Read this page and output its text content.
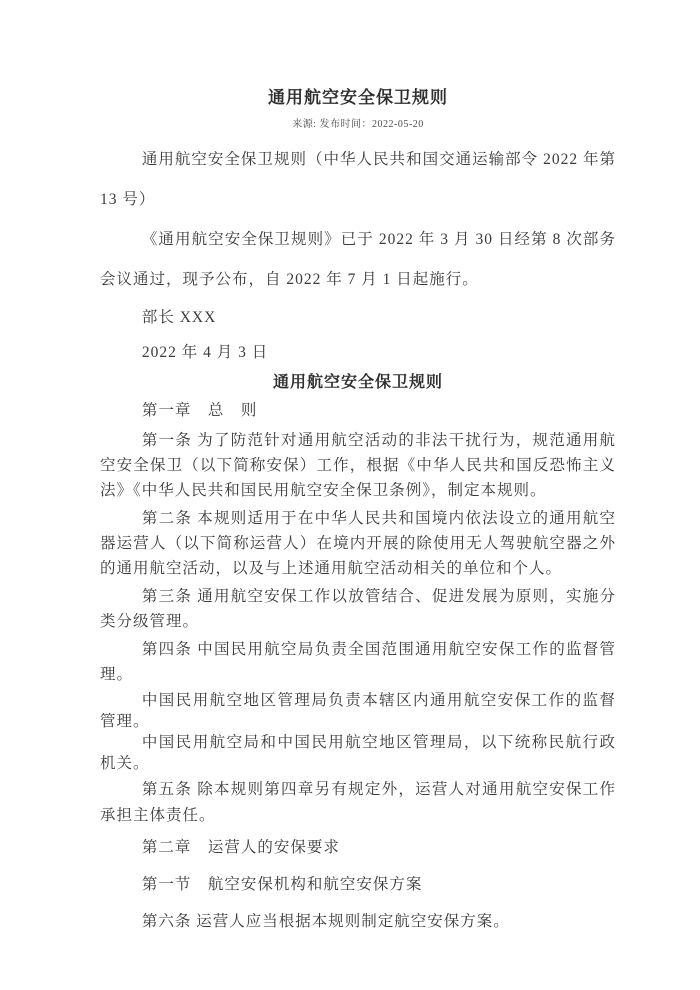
通用航空安全保卫规则
来源: 发布时间：2022-05-20

通用航空安全保卫规则（中华人民共和国交通运输部令 2022 年第 13 号）

《通用航空安全保卫规则》已于 2022 年 3 月 30 日经第 8 次部务会议通过，现予公布，自 2022 年 7 月 1 日起施行。

部长 XXX

2022 年 4 月 3 日

通用航空安全保卫规则

第一章　总　则

第一条 为了防范针对通用航空活动的非法干扰行为，规范通用航空安全保卫（以下简称安保）工作，根据《中华人民共和国反恐怖主义法》《中华人民共和国民用航空安全保卫条例》，制定本规则。

第二条 本规则适用于在中华人民共和国境内依法设立的通用航空器运营人（以下简称运营人）在境内开展的除使用无人驾驶航空器之外的通用航空活动，以及与上述通用航空活动相关的单位和个人。

第三条 通用航空安保工作以放管结合、促进发展为原则，实施分类分级管理。

第四条 中国民用航空局负责全国范围通用航空安保工作的监督管理。

中国民用航空地区管理局负责本辖区内通用航空安保工作的监督管理。

中国民用航空局和中国民用航空地区管理局，以下统称民航行政机关。

第五条 除本规则第四章另有规定外，运营人对通用航空安保工作承担主体责任。

第二章　运营人的安保要求

第一节　航空安保机构和航空安保方案

第六条 运营人应当根据本规则制定航空安保方案。
